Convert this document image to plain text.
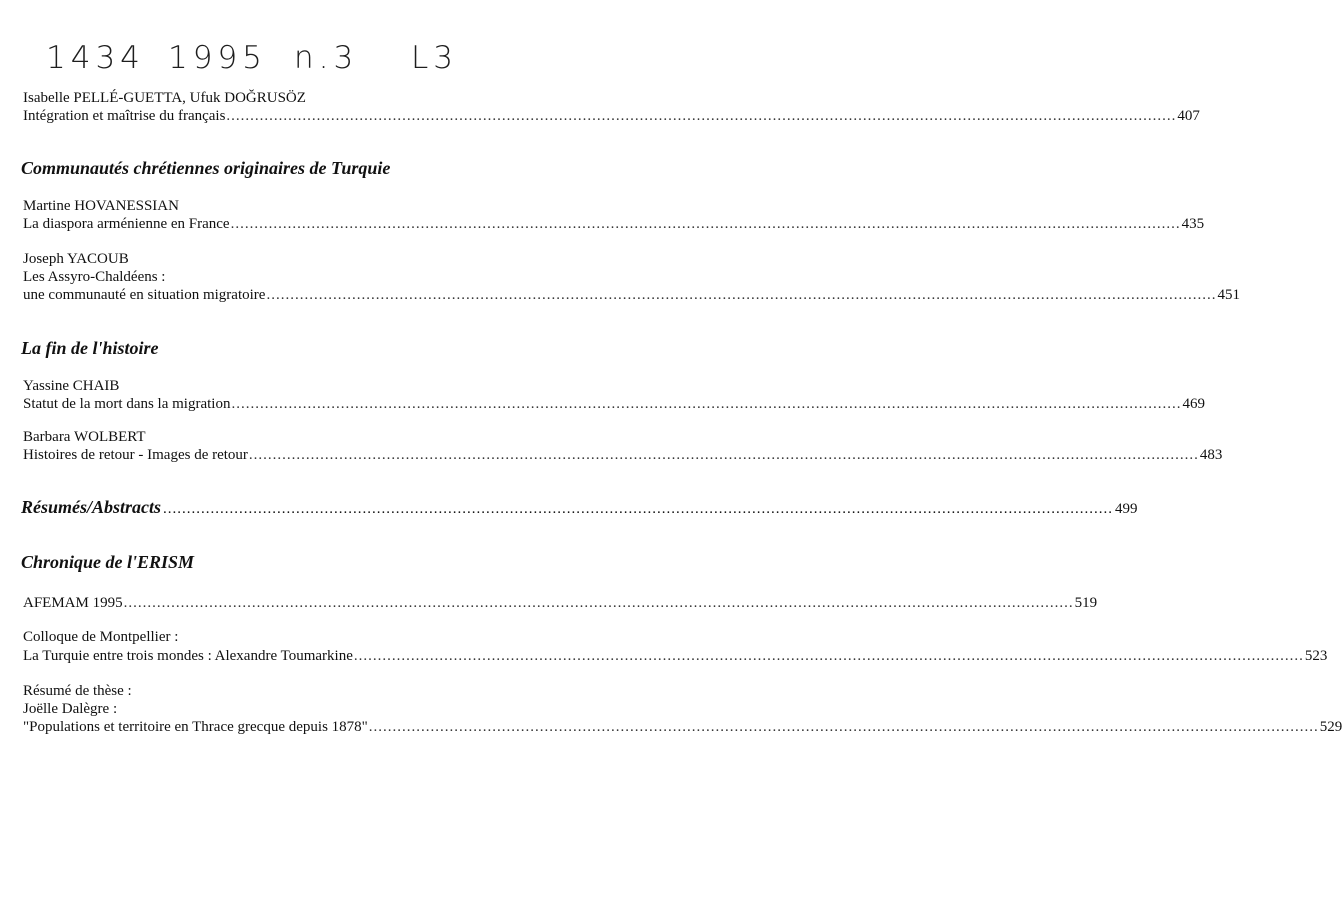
1434 1995 n.3 L3
Isabelle PELLÉ-GUETTA, Ufuk DOĞRUSÖZ
Intégration et maîtrise du français ........................................................................................................................................................................................................ 407
Communautés chrétiennes originaires de Turquie
Martine HOVANESSIAN
La diaspora arménienne en France ........................................................................................................................................................................................................ 435
Joseph YACOUB
Les Assyro-Chaldéens :
une communauté en situation migratoire ........................................................................................................................................................................................................ 451
La fin de l'histoire
Yassine CHAIB
Statut de la mort dans la migration ........................................................................................................................................................................................................ 469
Barbara WOLBERT
Histoires de retour - Images de retour ........................................................................................................................................................................................................ 483
Résumés/Abstracts ........................................................................................................................................................................................................ 499
Chronique de l'ERISM
AFEMAM 1995 ........................................................................................................................................................................................................ 519
Colloque de Montpellier :
La Turquie entre trois mondes : Alexandre Toumarkine ........................................................................................................................................................................................................ 523
Résumé de thèse :
Joëlle Dalègre :
"Populations et territoire en Thrace grecque depuis 1878" ........................................................................................................................................................................................................ 529
